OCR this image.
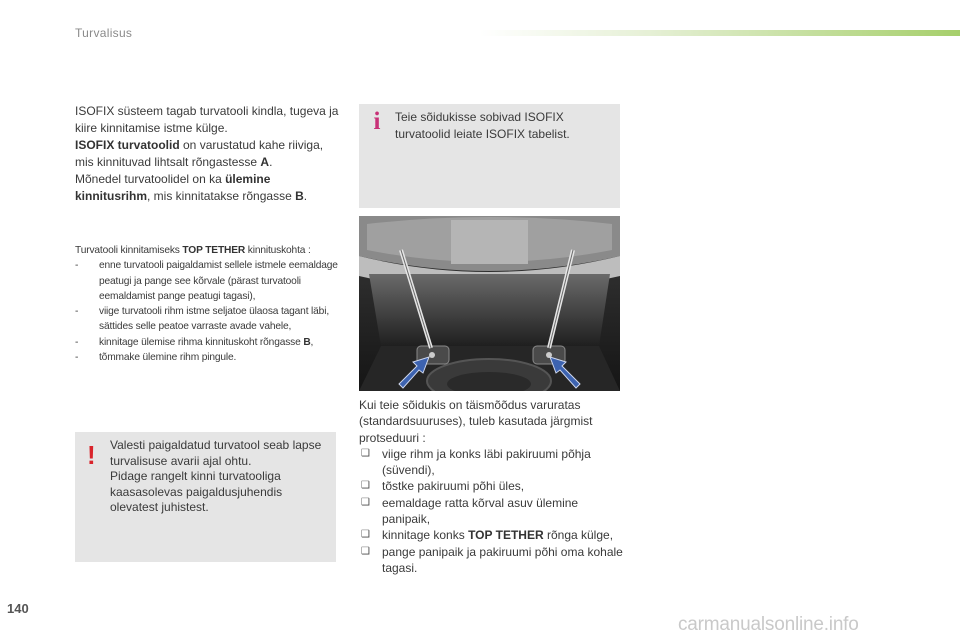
Turvalisus

ISOFIX süsteem tagab turvatooli kindla, tugeva ja kiire kinnitamise istme külge.

ISOFIX turvatoolid on varustatud kahe riiviga, mis kinnituvad lihtsalt rõngastesse A.

Mõnedel turvatoolidel on ka ülemine kinnitusrihm, mis kinnitatakse rõngasse B.

Turvatooli kinnitamiseks TOP TETHER kinnituskohta :

- enne turvatooli paigaldamist sellele istmele eemaldage peatugi ja pange see kõrvale (pärast turvatooli eemaldamist pange peatugi tagasi),
- viige turvatooli rihm istme seljatoe ülaosa tagant läbi, sättides selle peatoe varraste avade vahele,
- kinnitage ülemise rihma kinnituskoht rõngasse B,
- tõmmake ülemine rihm pingule.
! Valesti paigaldatud turvatool seab lapse turvalisuse avarii ajal ohtu.

Pidage rangelt kinni turvatooliga kaasasolevas paigaldusjuhendis olevatest juhistest.

i Teie sõidukisse sobivad ISOFIX turvatoolid leiate ISOFIX tabelist.

Kui teie sõidukis on täismõõdus varuratas (standardsuuruses), tuleb kasutada järgmist protseduuri :

❑ viige rihm ja konks läbi pakiruumi põhja (süvendi),
❑ tõstke pakiruumi põhi üles,
❑ eemaldage ratta kõrval asuv ülemine panipaik,
❑ kinnitage konks TOP TETHER rõnga külge,
❑ pange panipaik ja pakiruumi põhi oma kohale tagasi.
140
carmanualsonline.info
